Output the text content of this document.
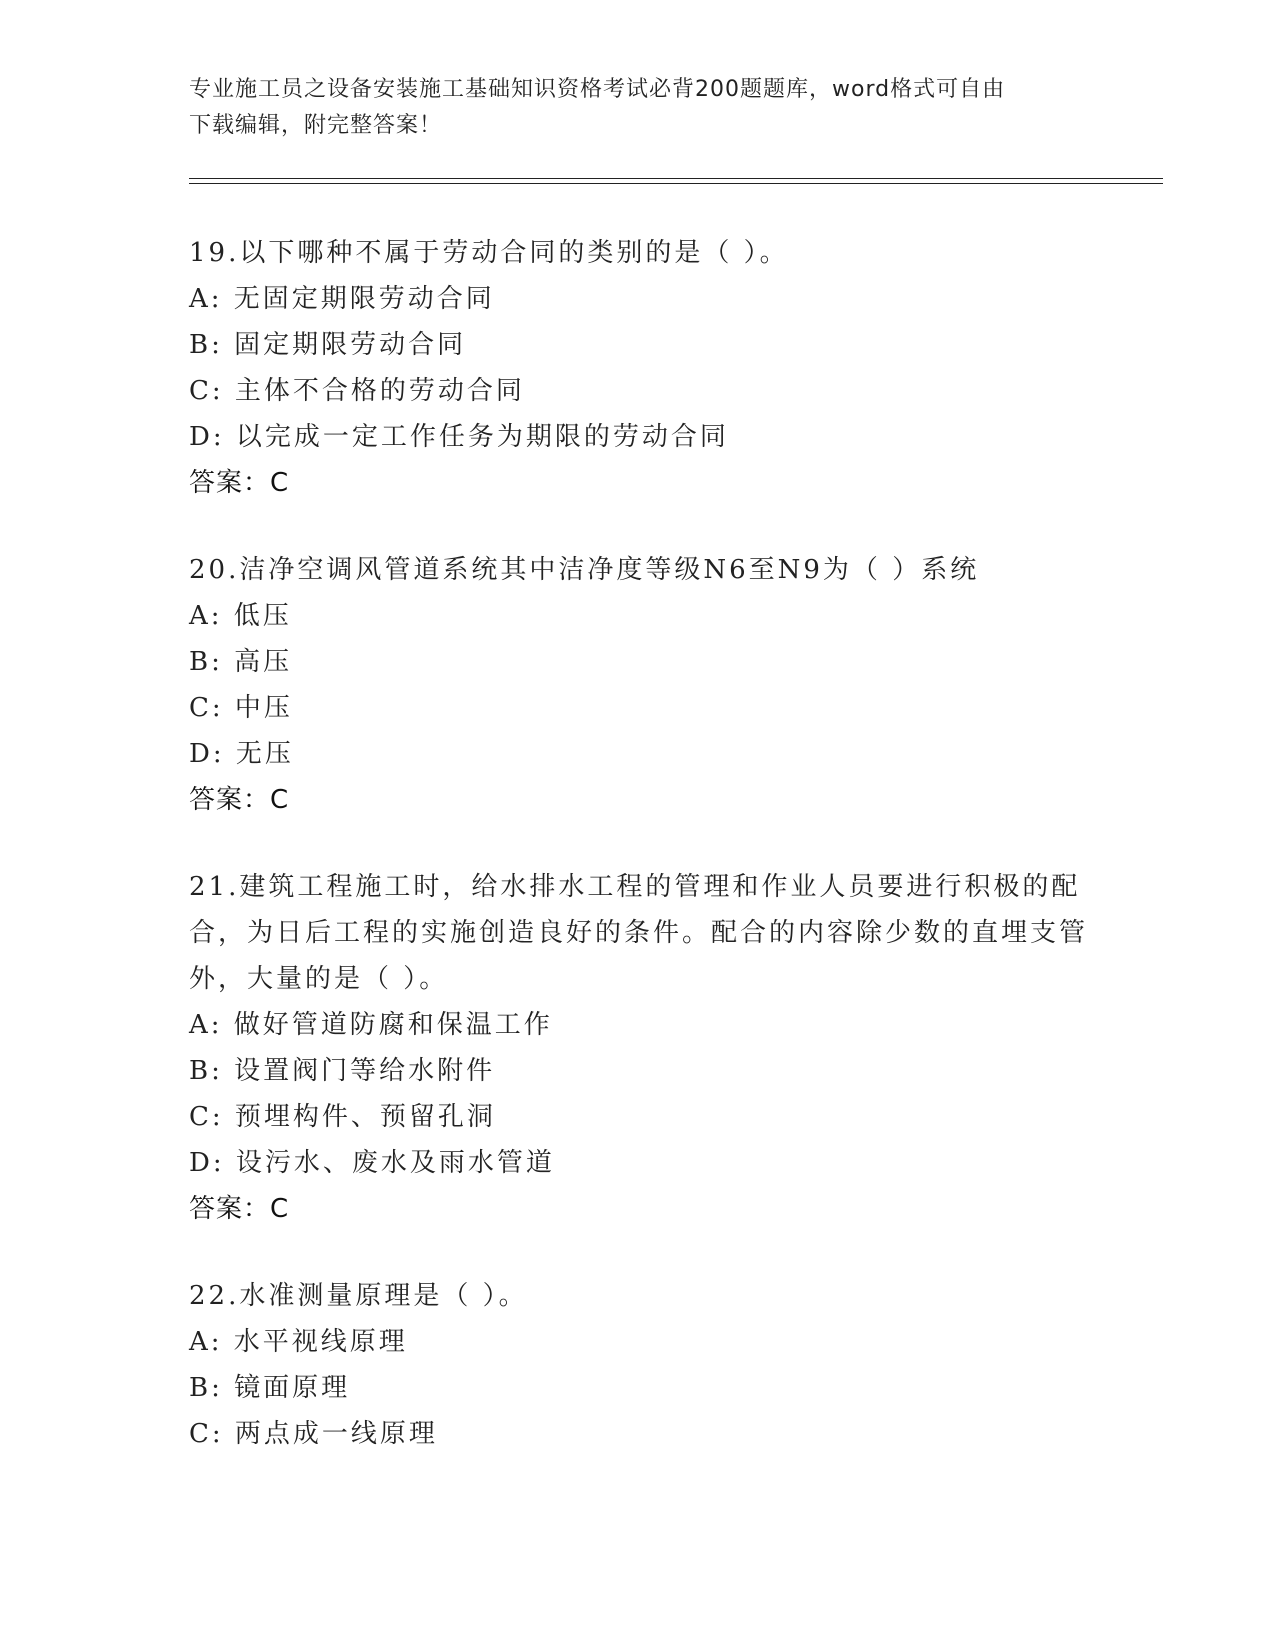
专业施工员之设备安装施工基础知识资格考试必背200题题库，word格式可自由
下载编辑，附完整答案！
19.以下哪种不属于劳动合同的类别的是（ ）。
A: 无固定期限劳动合同
B: 固定期限劳动合同
C: 主体不合格的劳动合同
D: 以完成一定工作任务为期限的劳动合同
答案：C
20.洁净空调风管道系统其中洁净度等级N6至N9为（ ）系统
A: 低压
B: 高压
C: 中压
D: 无压
答案：C
21.建筑工程施工时，给水排水工程的管理和作业人员要进行积极的配合，为日后工程的实施创造良好的条件。配合的内容除少数的直埋支管外，大量的是（ ）。
A: 做好管道防腐和保温工作
B: 设置阀门等给水附件
C: 预埋构件、预留孔洞
D: 设污水、废水及雨水管道
答案：C
22.水准测量原理是（ ）。
A: 水平视线原理
B: 镜面原理
C: 两点成一线原理
